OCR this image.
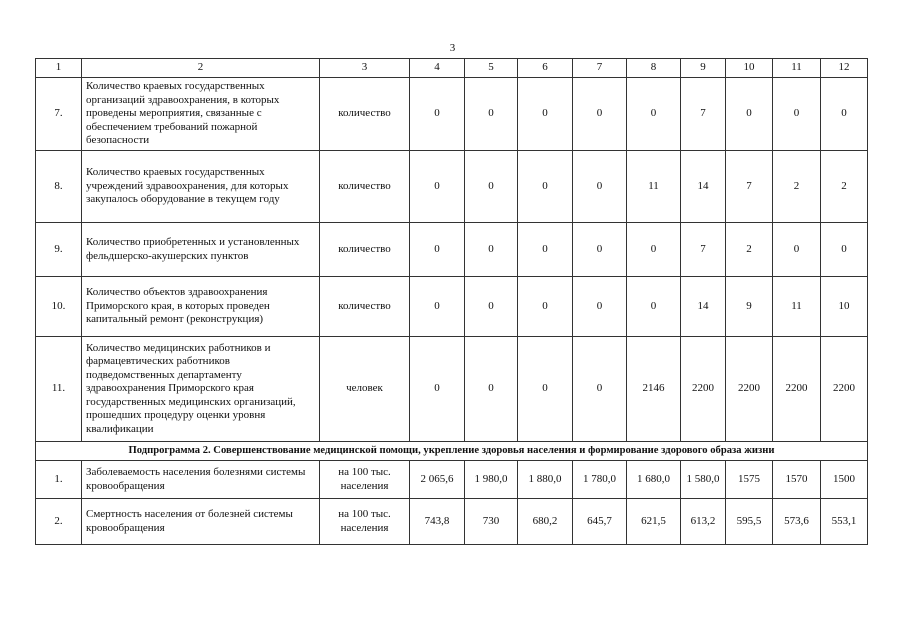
3
1	2	3	4	5	6	7	8	9	10	11	12
7.	Количество краевых государственных организаций здравоохранения, в которых проведены мероприятия, связанные с обеспечением требований пожарной безопасности	количество	0	0	0	0	0	7	0	0	0
8.	Количество краевых государственных учреждений здравоохранения, для которых закупалось оборудование в текущем году	количество	0	0	0	0	11	14	7	2	2
9.	Количество приобретенных и установленных фельдшерско-акушерских пунктов	количество	0	0	0	0	0	7	2	0	0
10.	Количество объектов здравоохранения Приморского края, в которых проведен капитальный ремонт (реконструкция)	количество	0	0	0	0	0	14	9	11	10
11.	Количество медицинских работников и фармацевтических работников подведомственных департаменту здравоохранения Приморского края государственных медицинских организаций, прошедших процедуру оценки уровня квалификации	человек	0	0	0	0	2146	2200	2200	2200	2200
Подпрограмма 2. Совершенствование медицинской помощи, укрепление здоровья населения и формирование здорового образа жизни											
1.	Заболеваемость населения болезнями системы кровообращения	на 100 тыс. населения	2 065,6	1 980,0	1 880,0	1 780,0	1 680,0	1 580,0	1575	1570	1500
2.	Смертность населения от болезней системы кровообращения	на 100 тыс. населения	743,8	730	680,2	645,7	621,5	613,2	595,5	573,6	553,1
